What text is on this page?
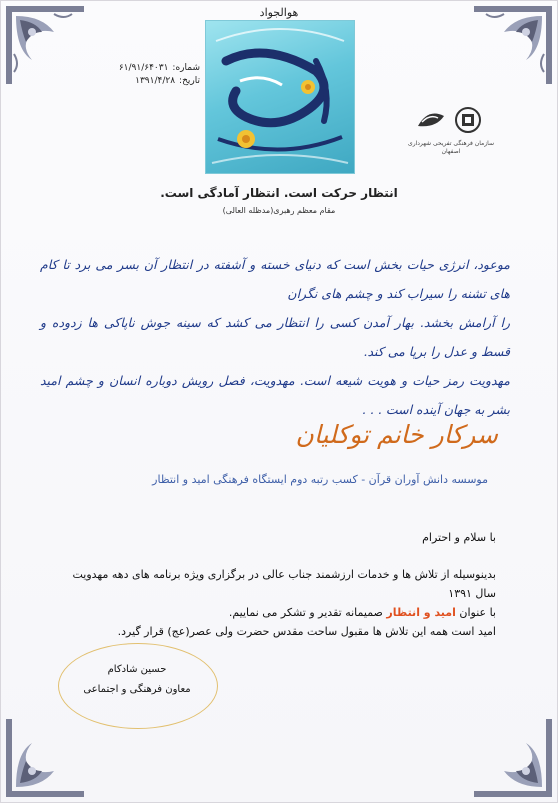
هوالجواد
شماره:
۶۱/۹۱/۶۴۰۳۱
تاریخ:
۱۳۹۱/۴/۲۸
سازمان فرهنگی تفریحی شهرداری اصفهان
انتظار حرکت است. انتظار آمادگی است.
مقام معظم رهبری(مدظله العالی)
موعود، انرژی حیات بخش است که دنیای خسته و آشفته در انتظار آن بسر می برد تا کام های تشنه را سیراب کند و چشم های نگران
را آرامش بخشد. بهار آمدن کسی را انتظار می کشد که سینه جوش ناپاکی ها زدوده و قسط و عدل را برپا می کند.
مهدویت رمز حیات و هویت شیعه است. مهدویت، فصل رویش دوباره انسان و چشم امید بشر به جهان آینده است . . .
سرکار خانم توکلیان
موسسه دانش آوران قرآن - کسب رتبه دوم ایستگاه فرهنگی امید و انتظار

با سلام و احترام

بدینوسیله از تلاش ها و خدمات ارزشمند جناب عالی در برگزاری ویژه برنامه های دهه مهدویت سال ۱۳۹۱

با عنوان امید و انتظار صمیمانه تقدیر و تشکر می نماییم.

امید است همه این تلاش ها مقبول ساحت مقدس حضرت ولی عصر(عج) قرار گیرد.

حسین شادکام
معاون فرهنگی و اجتماعی
